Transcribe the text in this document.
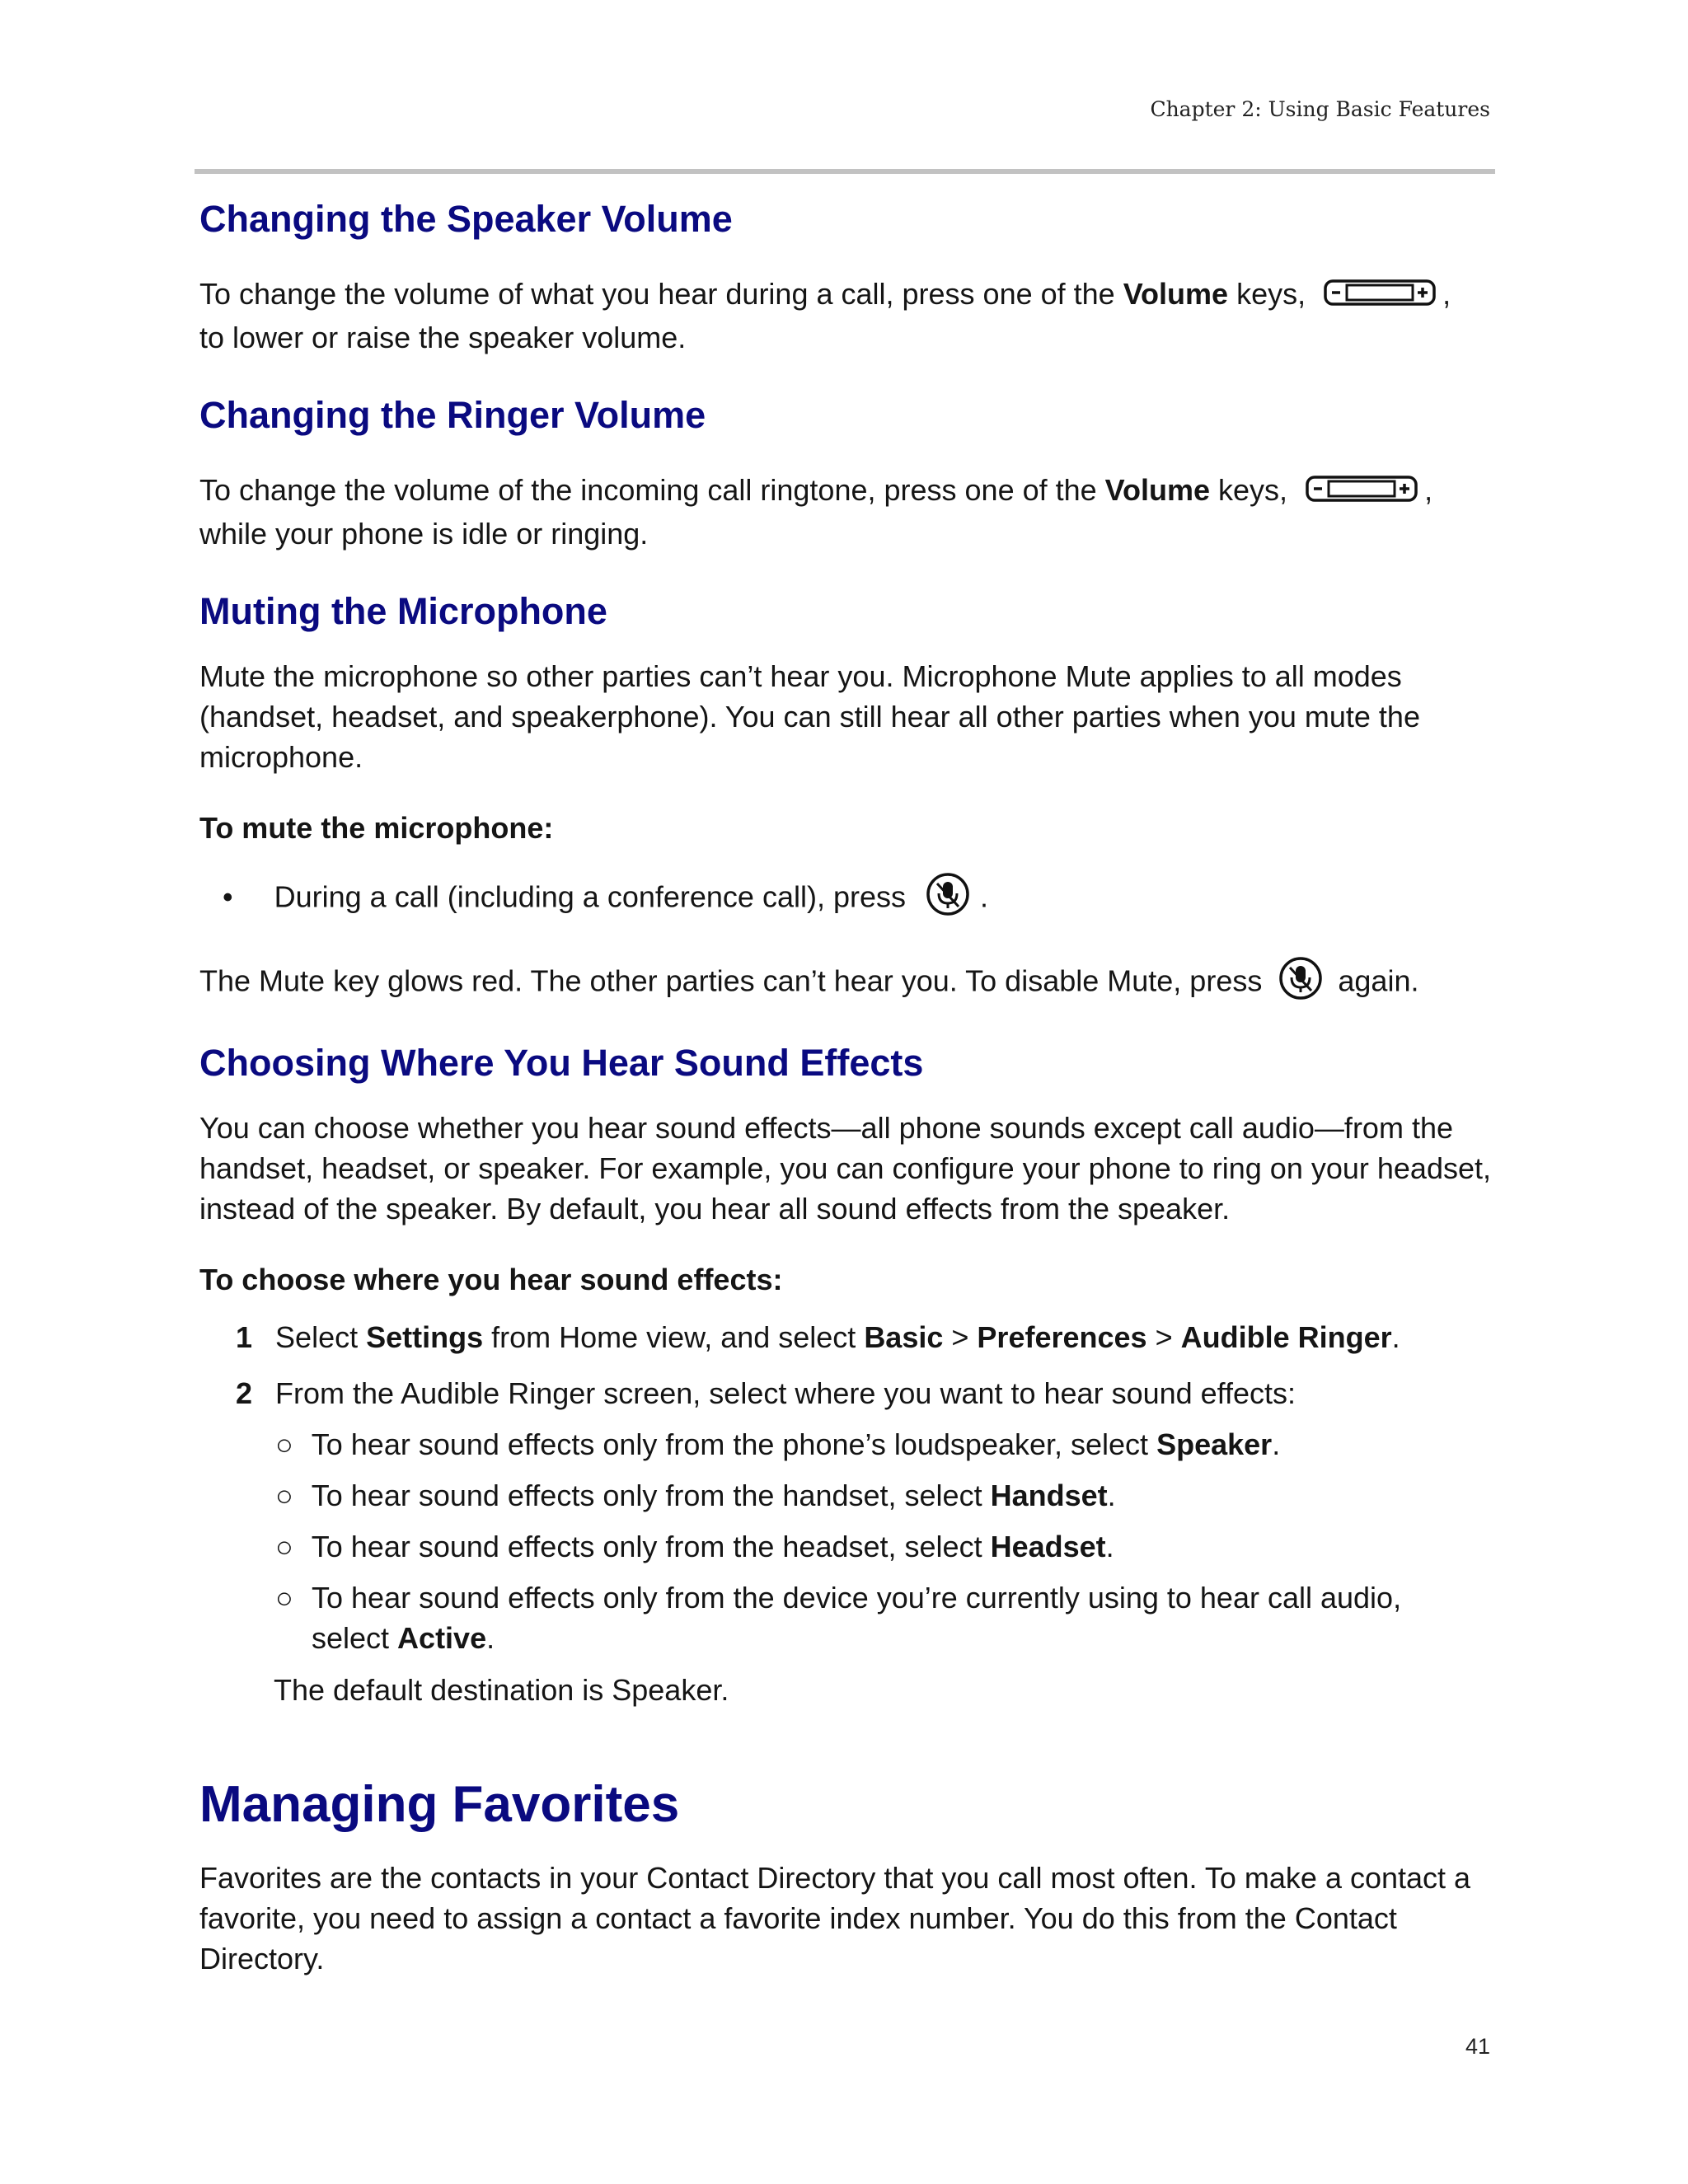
Chapter 2: Using Basic Features
Changing the Speaker Volume

To change the volume of what you hear during a call, press one of the Volume keys,	,

to lower or raise the speaker volume.

Changing the Ringer Volume

To change the volume of the incoming call ringtone, press one of the Volume keys,	,

while your phone is idle or ringing.

Muting the Microphone

Mute the microphone so other parties can’t hear you. Microphone Mute applies to all modes (handset, headset, and speakerphone). You can still hear all other parties when you mute the microphone.

To mute the microphone:

• During a call (including a conference call), press	.

The Mute key glows red. The other parties can’t hear you. To disable Mute, press	again.

Choosing Where You Hear Sound Effects

You can choose whether you hear sound effects—all phone sounds except call audio—from the handset, headset, or speaker. For example, you can configure your phone to ring on your headset, instead of the speaker. By default, you hear all sound effects from the speaker.

To choose where you hear sound effects:

1 Select Settings from Home view, and select Basic > Preferences > Audible Ringer.
2 From the Audible Ringer screen, select where you want to hear sound effects:
○ To hear sound effects only from the phone’s loudspeaker, select Speaker.
○ To hear sound effects only from the handset, select Handset.
○ To hear sound effects only from the headset, select Headset.
○ To hear sound effects only from the device you’re currently using to hear call audio, select Active.

The default destination is Speaker.

Managing Favorites

Favorites are the contacts in your Contact Directory that you call most often. To make a contact a favorite, you need to assign a contact a favorite index number. You do this from the Contact Directory.

41
